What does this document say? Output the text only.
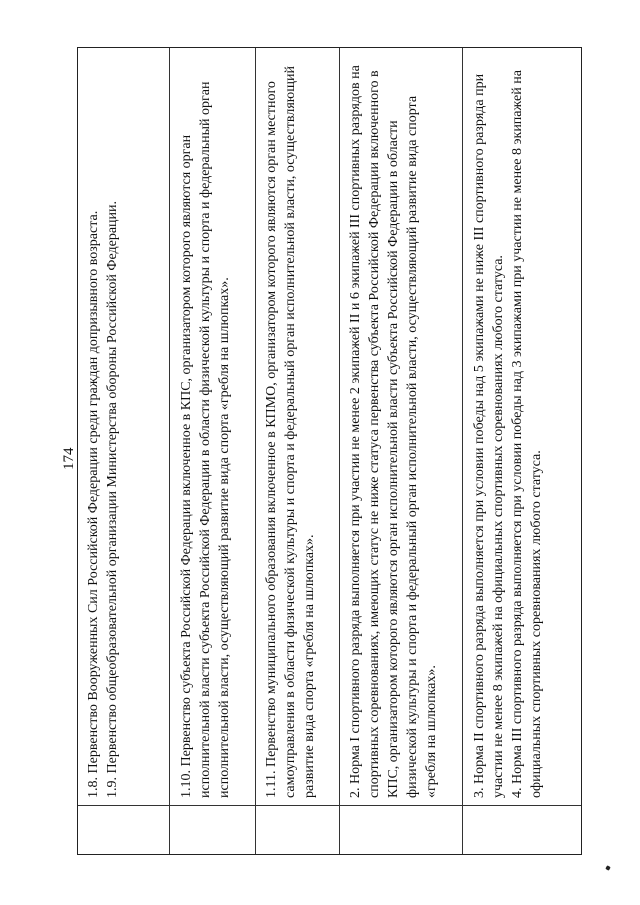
174 1.8. Первенство Вооруженных Сил Российской Федерации среди граждан допризывного возраста. 1.9. Первенство общеобразовательной организации Министерства обороны Российской Федерации.	1.10. Первенство субъекта Российской Федерации включенное в КПС, организатором которого являются орган исполнительной власти субъекта Российской Федерации в области физической культуры и спорта и федеральный орган исполнительной власти, осуществляющий развитие вида спорта «гребля на шлюпках». 1.11. Первенство муниципального образования включенное в КПМО, организатором которого являются орган местного самоуправления в области физической культуры и спорта и федеральный орган исполнительной власти, осуществляющий развитие вида спорта «гребля на шлюпках». 2. Норма I спортивного разряда выполняется при участии не менее 2 экипажей II и 6 экипажей III спортивных разрядов на спортивных соревнованиях, имеющих статус не ниже статуса первенства субъекта Российской Федерации включенного в КПС, организатором которого являются орган исполнительной власти субъекта Российской Федерации в области физической культуры и спорта и федеральный орган исполнительной власти, осуществляющий развитие вида спорта «гребля на шлюпках». 3. Норма II спортивного разряда выполняется при условии победы над 5 экипажами не ниже III спортивного разряда при участии не менее 8 экипажей на официальных спортивных соревнованиях любого статуса. 4. Норма III спортивного разряда выполняется при условии победы над 3 экипажами при участии не менее 8 экипажей на официальных спортивных соревнованиях любого статуса.
